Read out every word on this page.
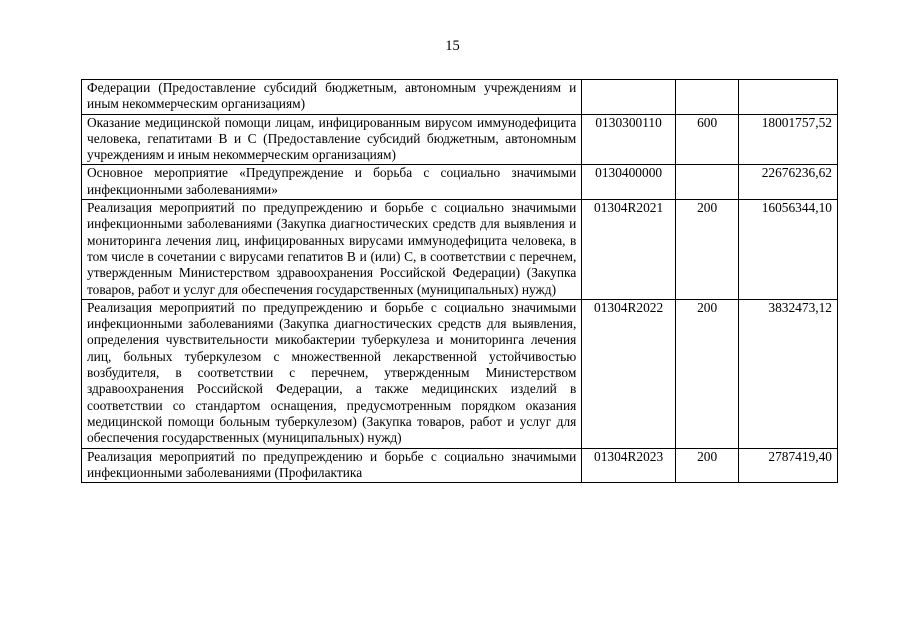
15
Федерации (Предоставление субсидий бюджетным, автономным учреждениям и иным некоммерческим организациям)			
Оказание медицинской помощи лицам, инфицированным вирусом иммунодефицита человека, гепатитами B и C (Предоставление субсидий бюджетным, автономным учреждениям и иным некоммерческим организациям)	0130300110	600	18001757,52
Основное мероприятие «Предупреждение и борьба с социально значимыми инфекционными заболеваниями»	0130400000		22676236,62
Реализация мероприятий по предупреждению и борьбе с социально значимыми инфекционными заболеваниями (Закупка диагностических средств для выявления и мониторинга лечения лиц, инфицированных вирусами иммунодефицита человека, в том числе в сочетании с вирусами гепатитов B и (или) C, в соответствии с перечнем, утвержденным Министерством здравоохранения Российской Федерации) (Закупка товаров, работ и услуг для обеспечения государственных (муниципальных) нужд)	01304R2021	200	16056344,10
Реализация мероприятий по предупреждению и борьбе с социально значимыми инфекционными заболеваниями (Закупка диагностических средств для выявления, определения чувствительности микобактерии туберкулеза и мониторинга лечения лиц, больных туберкулезом с множественной лекарственной устойчивостью возбудителя, в соответствии с перечнем, утвержденным Министерством здравоохранения Российской Федерации, а также медицинских изделий в соответствии со стандартом оснащения, предусмотренным порядком оказания медицинской помощи больным туберкулезом) (Закупка товаров, работ и услуг для обеспечения государственных (муниципальных) нужд)	01304R2022	200	3832473,12
Реализация мероприятий по предупреждению и борьбе с социально значимыми инфекционными заболеваниями (Профилактика	01304R2023	200	2787419,40
